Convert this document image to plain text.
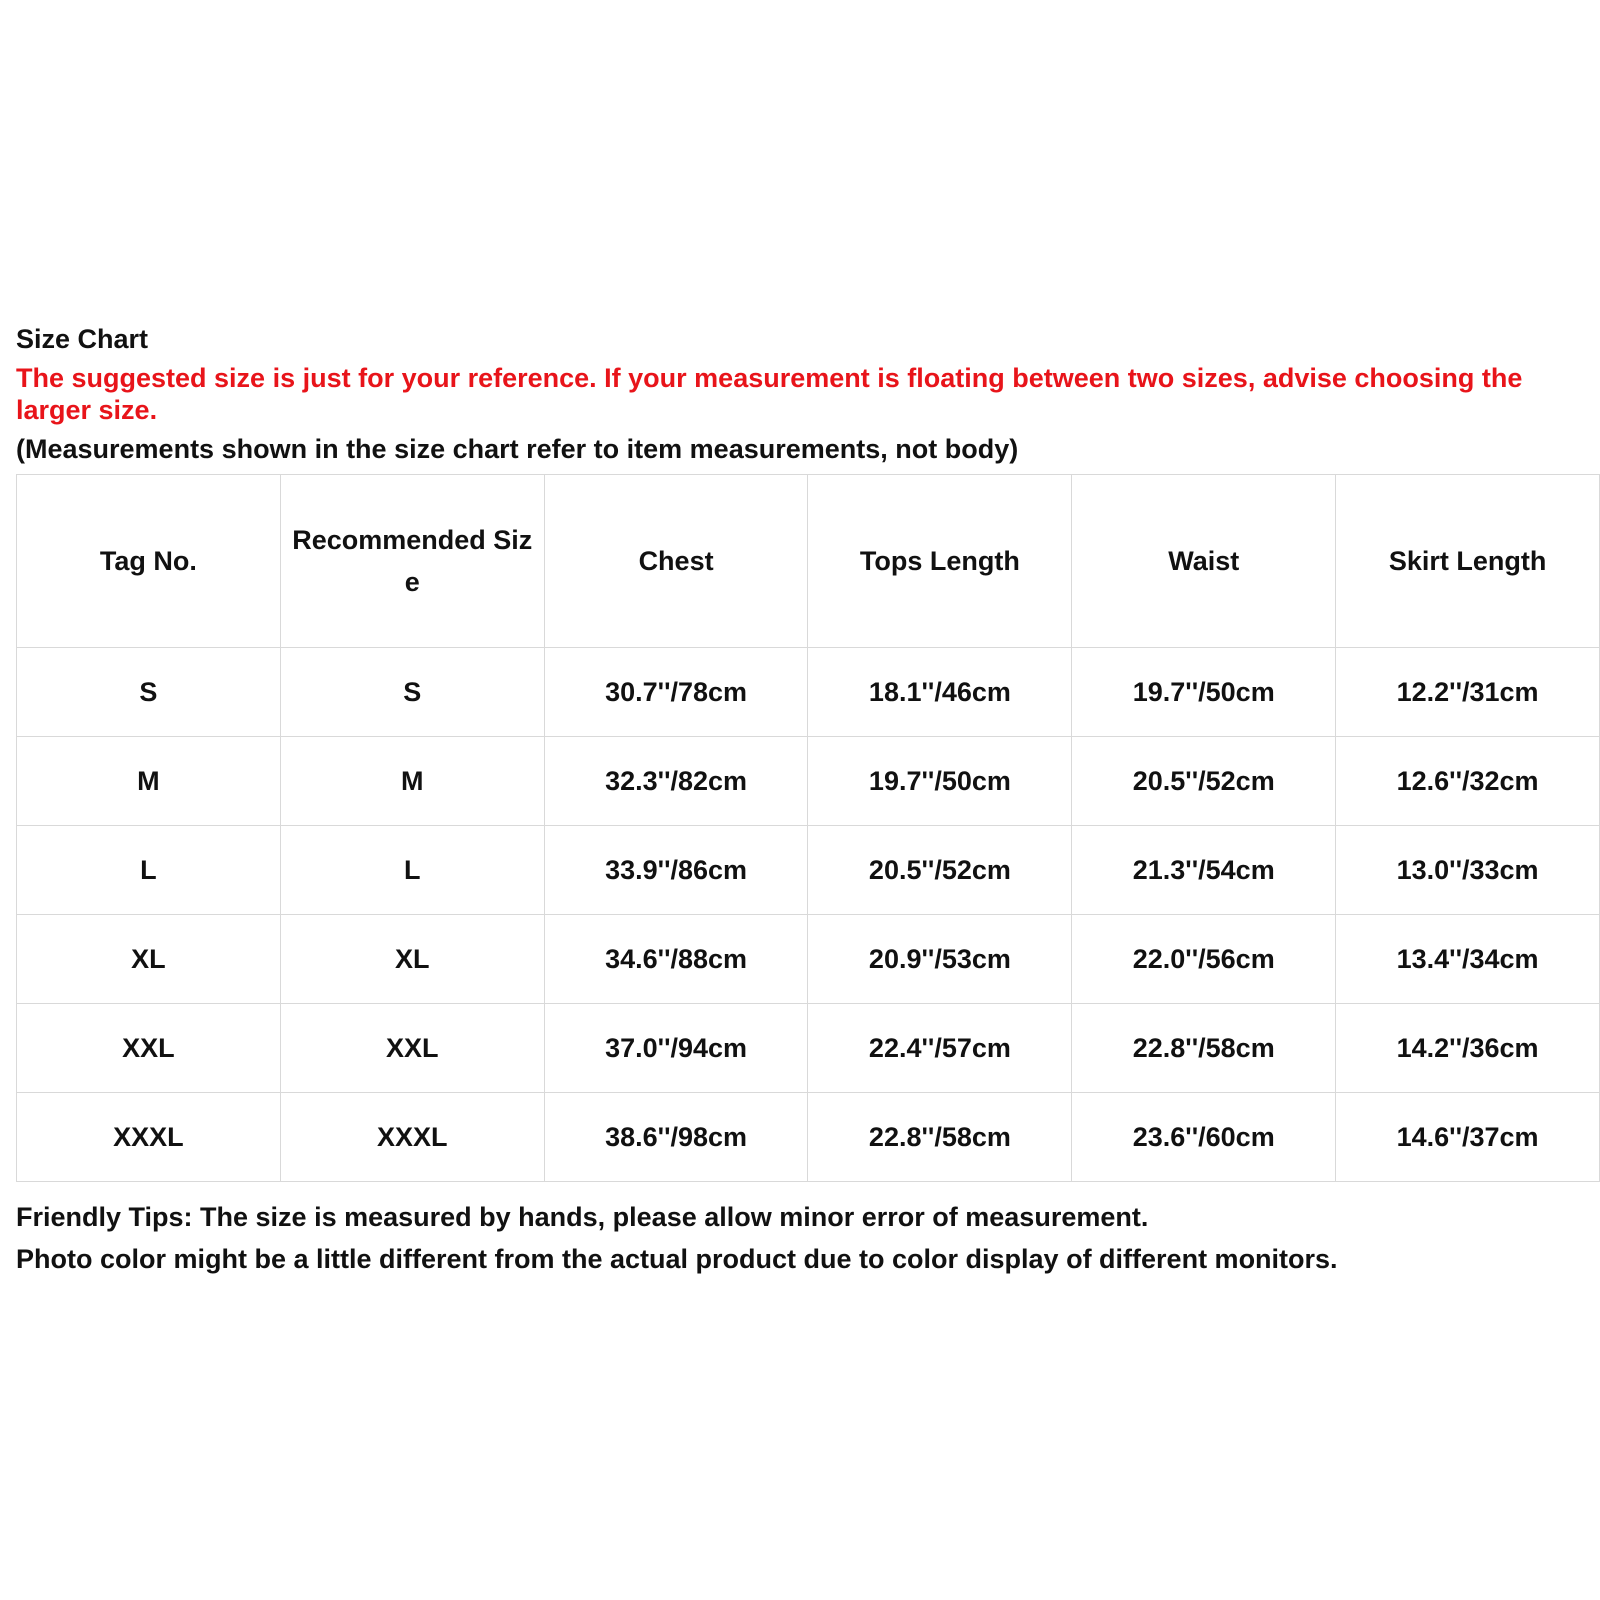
Size Chart
The suggested size is just for your reference. If your measurement is floating between two sizes, advise choosing the larger size.
(Measurements shown in the size chart refer to item measurements, not body)
Tag No.	Recommended Size	Chest	Tops Length	Waist	Skirt Length
S	S	30.7''/78cm	18.1''/46cm	19.7''/50cm	12.2''/31cm
M	M	32.3''/82cm	19.7''/50cm	20.5''/52cm	12.6''/32cm
L	L	33.9''/86cm	20.5''/52cm	21.3''/54cm	13.0''/33cm
XL	XL	34.6''/88cm	20.9''/53cm	22.0''/56cm	13.4''/34cm
XXL	XXL	37.0''/94cm	22.4''/57cm	22.8''/58cm	14.2''/36cm
XXXL	XXXL	38.6''/98cm	22.8''/58cm	23.6''/60cm	14.6''/37cm
Friendly Tips: The size is measured by hands, please allow minor error of measurement.
Photo color might be a little different from the actual product due to color display of different monitors.
